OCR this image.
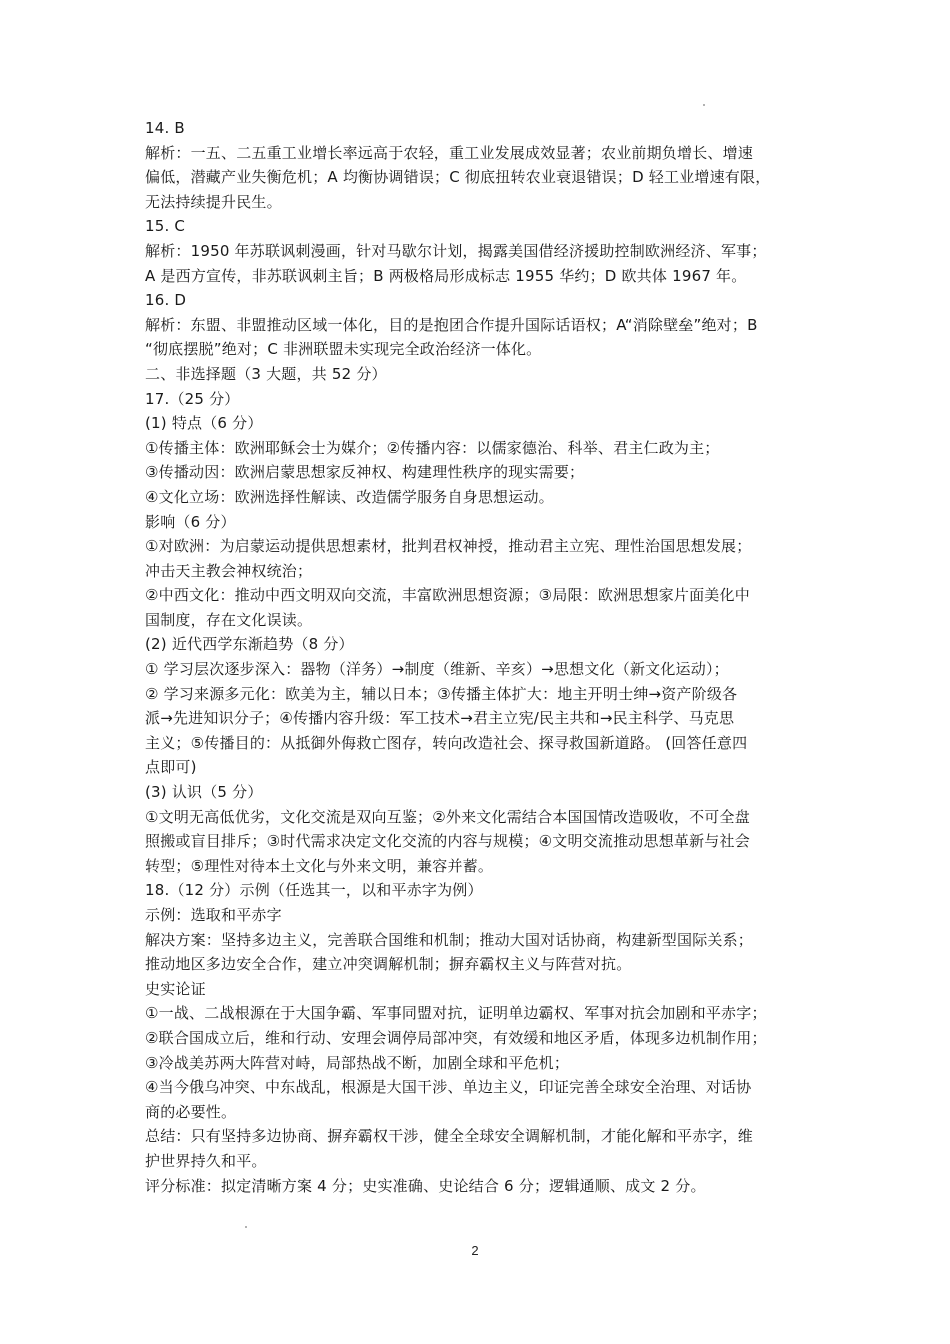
14. B
解析：一五、二五重工业增长率远高于农轻，重工业发展成效显著；农业前期负增长、增速
偏低，潜藏产业失衡危机；A 均衡协调错误；C 彻底扭转农业衰退错误；D 轻工业增速有限，
无法持续提升民生。
15. C
解析：1950 年苏联讽刺漫画，针对马歇尔计划，揭露美国借经济援助控制欧洲经济、军事；
A 是西方宣传，非苏联讽刺主旨；B 两极格局形成标志 1955 华约；D 欧共体 1967 年。
16. D
解析：东盟、非盟推动区域一体化，目的是抱团合作提升国际话语权；A“消除壁垒”绝对；B
“彻底摆脱”绝对；C 非洲联盟未实现完全政治经济一体化。
二、非选择题（3 大题，共 52 分）
17.（25 分）
(1) 特点（6 分）
①传播主体：欧洲耶稣会士为媒介；②传播内容：以儒家德治、科举、君主仁政为主；
③传播动因：欧洲启蒙思想家反神权、构建理性秩序的现实需要；
④文化立场：欧洲选择性解读、改造儒学服务自身思想运动。
影响（6 分）
①对欧洲：为启蒙运动提供思想素材，批判君权神授，推动君主立宪、理性治国思想发展；
冲击天主教会神权统治；
②中西文化：推动中西文明双向交流，丰富欧洲思想资源；③局限：欧洲思想家片面美化中
国制度，存在文化误读。
(2) 近代西学东渐趋势（8 分）
① 学习层次逐步深入：器物（洋务）→制度（维新、辛亥）→思想文化（新文化运动）；
② 学习来源多元化：欧美为主，辅以日本；③传播主体扩大：地主开明士绅→资产阶级各
派→先进知识分子；④传播内容升级：军工技术→君主立宪/民主共和→民主科学、马克思
主义；⑤传播目的：从抵御外侮救亡图存，转向改造社会、探寻救国新道路。 (回答任意四
点即可)
(3) 认识（5 分）
①文明无高低优劣，文化交流是双向互鉴；②外来文化需结合本国国情改造吸收，不可全盘
照搬或盲目排斥；③时代需求决定文化交流的内容与规模；④文明交流推动思想革新与社会
转型；⑤理性对待本土文化与外来文明，兼容并蓄。
18.（12 分）示例（任选其一，以和平赤字为例）
示例：选取和平赤字
解决方案：坚持多边主义，完善联合国维和机制；推动大国对话协商，构建新型国际关系；
推动地区多边安全合作，建立冲突调解机制；摒弃霸权主义与阵营对抗。
史实论证
①一战、二战根源在于大国争霸、军事同盟对抗，证明单边霸权、军事对抗会加剧和平赤字；
②联合国成立后，维和行动、安理会调停局部冲突，有效缓和地区矛盾，体现多边机制作用；
③冷战美苏两大阵营对峙，局部热战不断，加剧全球和平危机；
④当今俄乌冲突、中东战乱，根源是大国干涉、单边主义，印证完善全球安全治理、对话协
商的必要性。
总结：只有坚持多边协商、摒弃霸权干涉，健全全球安全调解机制，才能化解和平赤字，维
护世界持久和平。
评分标准：拟定清晰方案 4 分；史实准确、史论结合 6 分；逻辑通顺、成文 2 分。
2
